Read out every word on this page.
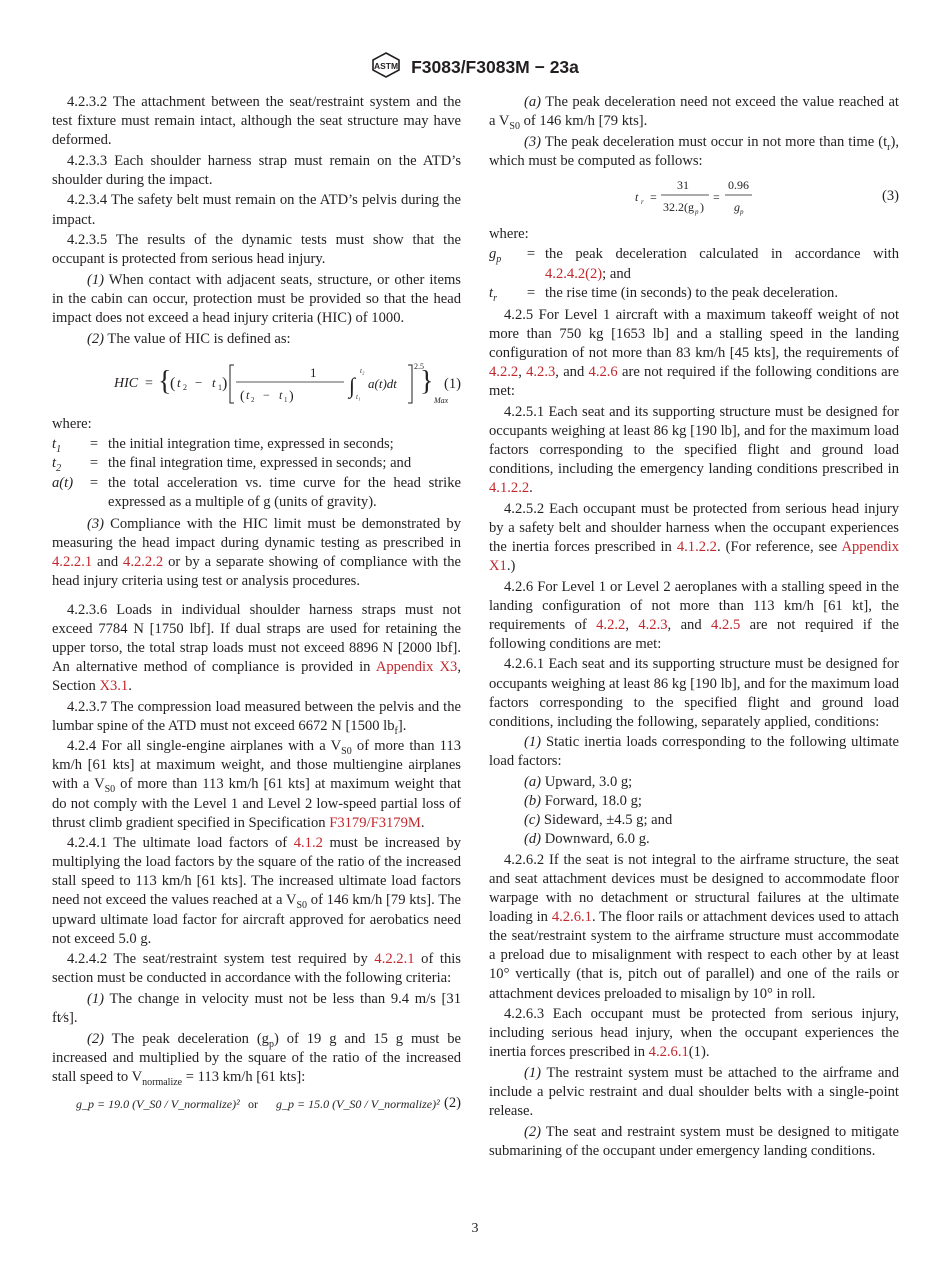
ASTM F3083/F3083M − 23a

4.2.3.2 The attachment between the seat/restraint system and the test fixture must remain intact, although the seat structure may have deformed.

4.2.3.3 Each shoulder harness strap must remain on the ATD’s shoulder during the impact.

4.2.3.4 The safety belt must remain on the ATD’s pelvis during the impact.

4.2.3.5 The results of the dynamic tests must show that the occupant is protected from serious head injury.

(1) When contact with adjacent seats, structure, or other items in the cabin can occur, protection must be provided so that the head impact does not exceed a head injury criteria (HIC) of 1000.

(2) The value of HIC is defined as:

HIC = {
( t 2 − t 1 )
1
( t 2 − t 1 )	∫
t₂
t₁
a(t)dt
2.5
}
Max
(1)

where:

$t_1$	=	the initial integration time, expressed in seconds;
$t_2$	=	the final integration time, expressed in seconds; and
a(t)	=	the total acceleration vs. time curve for the head strike expressed as a multiple of g (units of gravity).

(3) Compliance with the HIC limit must be demonstrated by measuring the head impact during dynamic testing as prescribed in 4.2.2.1 and 4.2.2.2 or by a separate showing of compliance with the head injury criteria using test or analysis procedures.

4.2.3.6 Loads in individual shoulder harness straps must not exceed 7784 N [1750 lbf]. If dual straps are used for retaining the upper torso, the total strap loads must not exceed 8896 N [2000 lbf]. An alternative method of compliance is provided in Appendix X3, Section X3.1.

4.2.3.7 The compression load measured between the pelvis and the lumbar spine of the ATD must not exceed 6672 N [1500 $lb_f$].

4.2.4 For all single-engine airplanes with a $V_{S0}$ of more than 113 km/h [61 kts] at maximum weight, and those multiengine airplanes with a $V_{S0}$ of more than 113 km/h [61 kts] at maximum weight that do not comply with the Level 1 and Level 2 low-speed partial loss of thrust climb gradient specified in Specification F3179/F3179M.

4.2.4.1 The ultimate load factors of 4.1.2 must be increased by multiplying the load factors by the square of the ratio of the increased stall speed to 113 km/h [61 kts]. The increased ultimate load factors need not exceed the values reached at a $V_{S0}$ of 146 km/h [79 kts]. The upward ultimate load factor for aircraft approved for aerobatics need not exceed 5.0 g.

4.2.4.2 The seat/restraint system test required by 4.2.2.1 of this section must be conducted in accordance with the following criteria:

(1) The change in velocity must not be less than 9.4 m/s [31 ft⁄s].

(2) The peak deceleration $(g_p)$ of 19 g and 15 g must be increased and multiplied by the square of the ratio of the increased stall speed to $V_{normalize} = 113$ km/h [61 kts]:

g_p = 19.0 (V_S0 / V_normalize)² or g_p = 15.0 (V_S0 / V_normalize)² (2)

(a) The peak deceleration need not exceed the value reached at a $V_{S0}$ of 146 km/h [79 kts].

(3) The peak deceleration must occur in not more than time $(t_r)$, which must be computed as follows:

t r =
31
32.2(g p )
=
0.96
g p
(3)

where:

$g_p$	=	the peak deceleration calculated in accordance with 4.2.4.2(2); and
$t_r$	=	the rise time (in seconds) to the peak deceleration.

4.2.5 For Level 1 aircraft with a maximum takeoff weight of not more than 750 kg [1653 lb] and a stalling speed in the landing configuration of not more than 83 km/h [45 kts], the requirements of 4.2.2, 4.2.3, and 4.2.6 are not required if the following conditions are met:

4.2.5.1 Each seat and its supporting structure must be designed for occupants weighing at least 86 kg [190 lb], and for the maximum load factors corresponding to the specified flight and ground load conditions, including the emergency landing conditions prescribed in 4.1.2.2.

4.2.5.2 Each occupant must be protected from serious head injury by a safety belt and shoulder harness when the occupant experiences the inertia forces prescribed in 4.1.2.2. (For reference, see Appendix X1.)

4.2.6 For Level 1 or Level 2 aeroplanes with a stalling speed in the landing configuration of not more than 113 km/h [61 kt], the requirements of 4.2.2, 4.2.3, and 4.2.5 are not required if the following conditions are met:

4.2.6.1 Each seat and its supporting structure must be designed for occupants weighing at least 86 kg [190 lb], and for the maximum load factors corresponding to the specified flight and ground load conditions, including the following, separately applied, conditions:

(1) Static inertia loads corresponding to the following ultimate load factors:

(a) Upward, 3.0 g;

(b) Forward, 18.0 g;

(c) Sideward, ±4.5 g; and

(d) Downward, 6.0 g.

4.2.6.2 If the seat is not integral to the airframe structure, the seat and seat attachment devices must be designed to accommodate floor warpage with no detachment or structural failures at the ultimate loading in 4.2.6.1. The floor rails or attachment devices used to attach the seat/restraint system to the airframe structure must accommodate a preload due to misalignment with respect to each other by at least 10° vertically (that is, pitch out of parallel) and one of the rails or attachment devices preloaded to misalign by 10° in roll.

4.2.6.3 Each occupant must be protected from serious injury, including serious head injury, when the occupant experiences the inertia forces prescribed in 4.2.6.1(1).

(1) The restraint system must be attached to the airframe and include a pelvic restraint and dual shoulder belts with a single-point release.

(2) The seat and restraint system must be designed to mitigate submarining of the occupant under emergency landing conditions.

3
